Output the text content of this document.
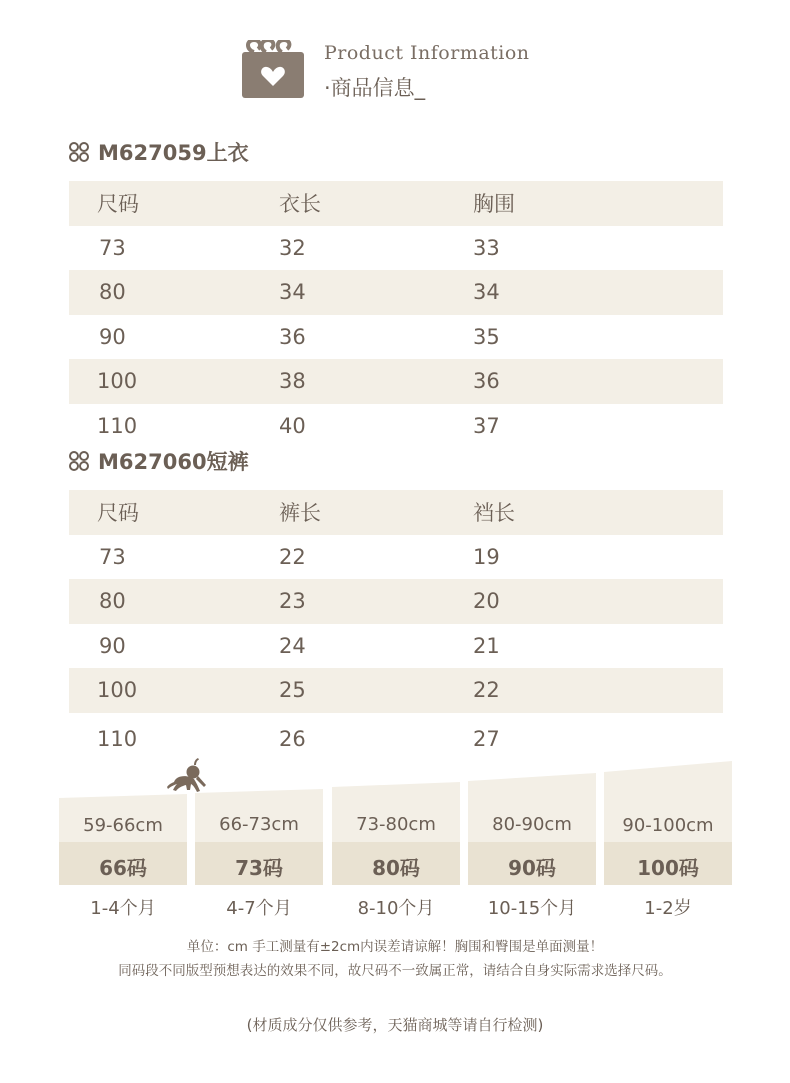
Product Information
·商品信息_
M627059上衣
尺码	衣长	胸围
73	32	33
80	34	34
90	36	35
100	38	36
110	40	37
M627060短裤
尺码	裤长	裆长
73	22	19
80	23	20
90	24	21
100	25	22
110	26	27
59-66cm	66-73cm	73-80cm	80-90cm	90-100cm
66码	73码	80码	90码	100码
1-4个月	4-7个月	8-10个月	10-15个月	1-2岁
单位：cm 手工测量有±2cm内误差请谅解！胸围和臀围是单面测量！
同码段不同版型预想表达的效果不同，故尺码不一致属正常，请结合自身实际需求选择尺码。
(材质成分仅供参考，天猫商城等请自行检测)
